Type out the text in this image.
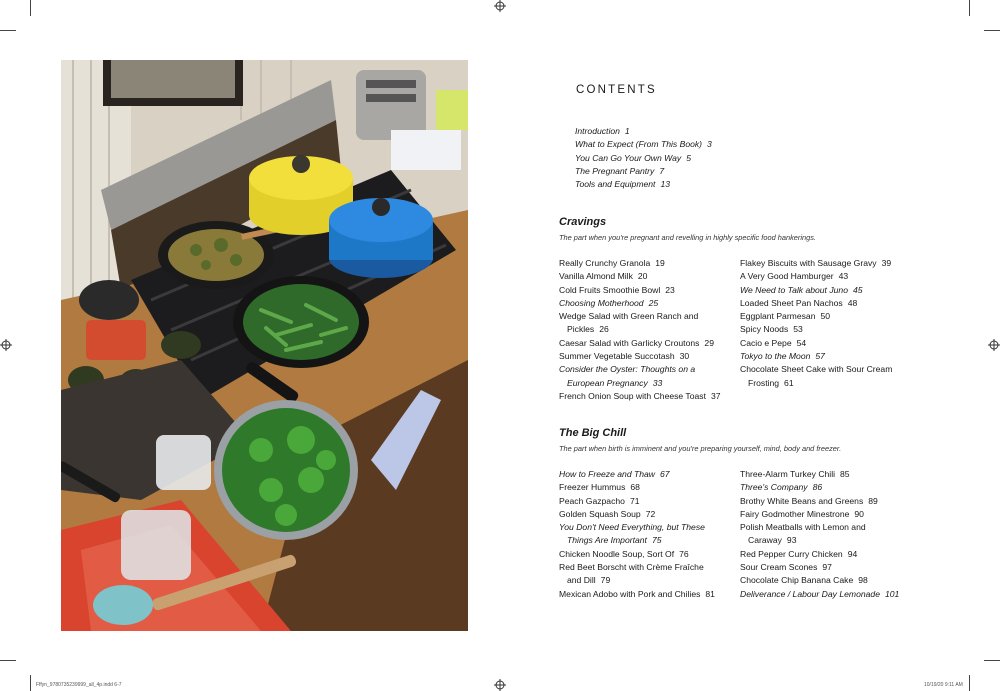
CONTENTS
Introduction 1
What to Expect (From This Book) 3
You Can Go Your Own Way 5
The Pregnant Pantry 7
Tools and Equipment 13
Cravings

The part when you're pregnant and revelling in highly specific food hankerings.

Really Crunchy Granola 19
Vanilla Almond Milk 20
Cold Fruits Smoothie Bowl 23
Choosing Motherhood 25
Wedge Salad with Green Ranch and
Pickles 26
Caesar Salad with Garlicky Croutons 29
Summer Vegetable Succotash 30
Consider the Oyster: Thoughts on a
European Pregnancy 33
French Onion Soup with Cheese Toast 37
Flakey Biscuits with Sausage Gravy 39
A Very Good Hamburger 43
We Need to Talk about Juno 45
Loaded Sheet Pan Nachos 48
Eggplant Parmesan 50
Spicy Noods 53
Cacio e Pepe 54
Tokyo to the Moon 57
Chocolate Sheet Cake with Sour Cream
Frosting 61
The Big Chill

The part when birth is imminent and you're preparing yourself, mind, body and freezer.

How to Freeze and Thaw 67
Freezer Hummus 68
Peach Gazpacho 71
Golden Squash Soup 72
You Don't Need Everything, but These
Things Are Important 75
Chicken Noodle Soup, Sort Of 76
Red Beet Borscht with Crème Fraîche
and Dill 79
Mexican Adobo with Pork and Chilies 81
Three-Alarm Turkey Chili 85
Three's Company 86
Brothy White Beans and Greens 89
Fairy Godmother Minestrone 90
Polish Meatballs with Lemon and
Caraway 93
Red Pepper Curry Chicken 94
Sour Cream Scones 97
Chocolate Chip Banana Cake 98
Deliverance / Labour Day Lemonade 101
Fffyn_9780735239999_all_4p.indd 6-7	10/19/20 9:11 AM
